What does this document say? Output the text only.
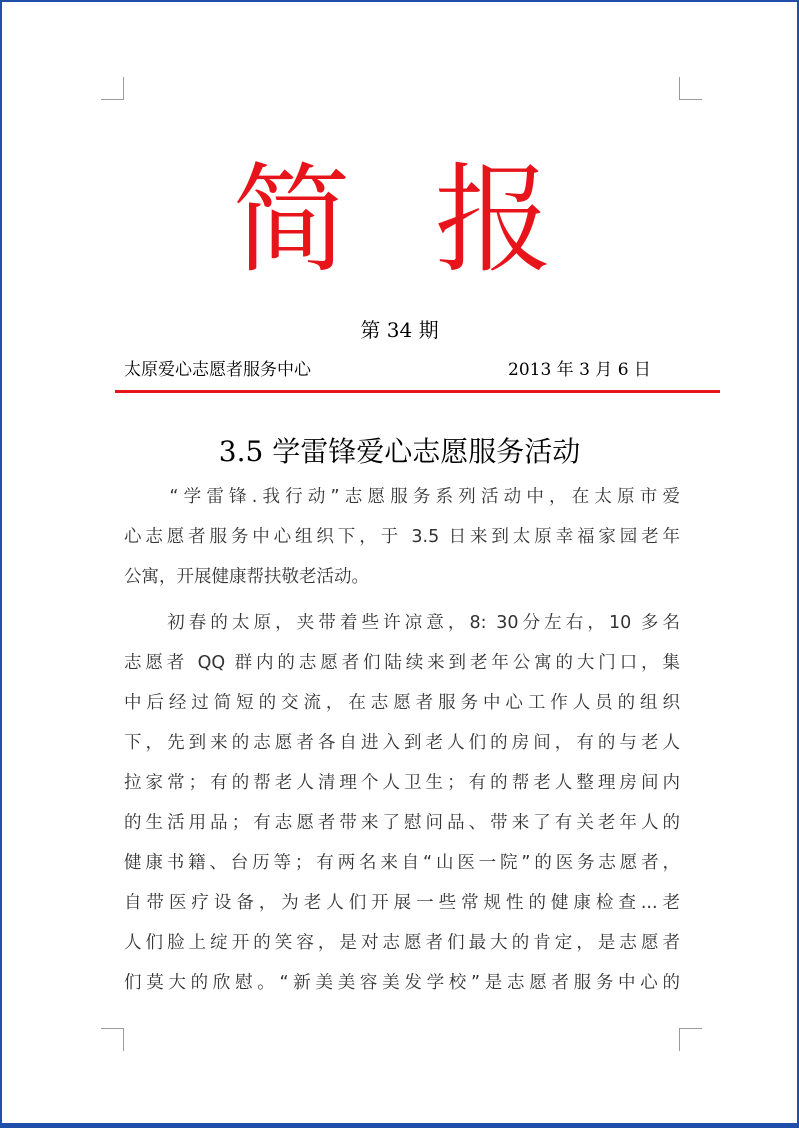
简报
第 34 期
太原爱心志愿者服务中心	2013 年 3 月 6 日
3.5 学雷锋爱心志愿服务活动
　　“学雷锋.我行动”志愿服务系列活动中，在太原市爱
心志愿者服务中心组织下，于 3.5 日来到太原幸福家园老年
公寓，开展健康帮扶敬老活动。
　　初春的太原，夹带着些许凉意，8: 30分左右，10 多名
志愿者 QQ 群内的志愿者们陆续来到老年公寓的大门口，集
中后经过简短的交流，在志愿者服务中心工作人员的组织
下，先到来的志愿者各自进入到老人们的房间，有的与老人
拉家常；有的帮老人清理个人卫生；有的帮老人整理房间内
的生活用品；有志愿者带来了慰问品、带来了有关老年人的
健康书籍、台历等；有两名来自“山医一院”的医务志愿者，
自带医疗设备，为老人们开展一些常规性的健康检查...老
人们脸上绽开的笑容，是对志愿者们最大的肯定，是志愿者
们莫大的欣慰。“新美美容美发学校”是志愿者服务中心的
